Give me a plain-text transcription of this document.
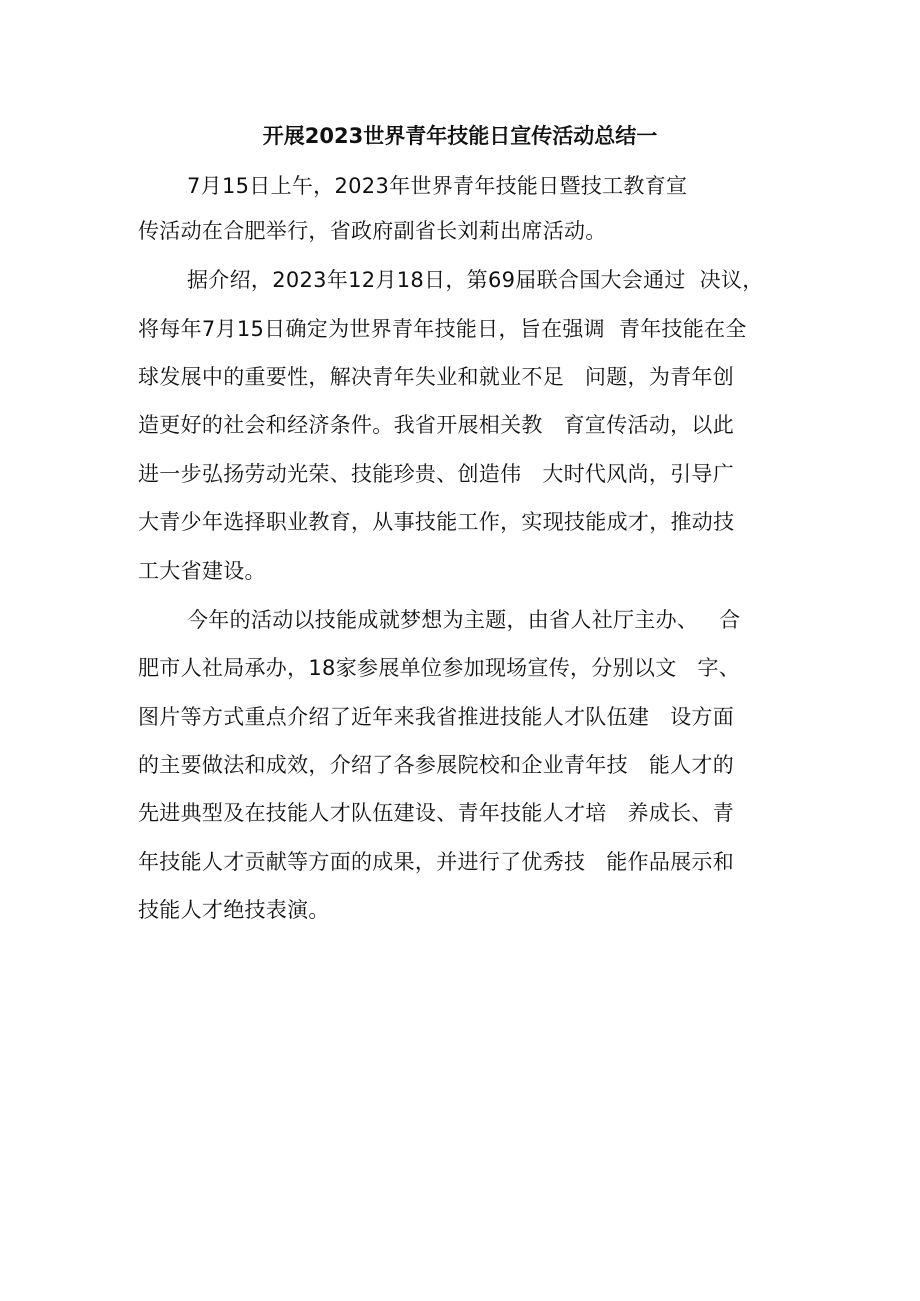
开展2023世界青年技能日宣传活动总结一
7月15日上午，2023年世界青年技能日暨技工教育宣
传活动在合肥举行，省政府副省长刘莉出席活动。
据介绍，2023年12月18日，第69届联合国大会通过  决议，
将每年7月15日确定为世界青年技能日，旨在强调  青年技能在全
球发展中的重要性，解决青年失业和就业不足   问题，为青年创
造更好的社会和经济条件。我省开展相关教   育宣传活动，以此
进一步弘扬劳动光荣、技能珍贵、创造伟   大时代风尚，引导广
大青少年选择职业教育，从事技能工作，实现技能成才，推动技
工大省建设。
今年的活动以技能成就梦想为主题，由省人社厅主办、   合
肥市人社局承办，18家参展单位参加现场宣传，分别以文   字、
图片等方式重点介绍了近年来我省推进技能人才队伍建   设方面
的主要做法和成效，介绍了各参展院校和企业青年技   能人才的
先进典型及在技能人才队伍建设、青年技能人才培   养成长、青
年技能人才贡献等方面的成果，并进行了优秀技   能作品展示和
技能人才绝技表演。
